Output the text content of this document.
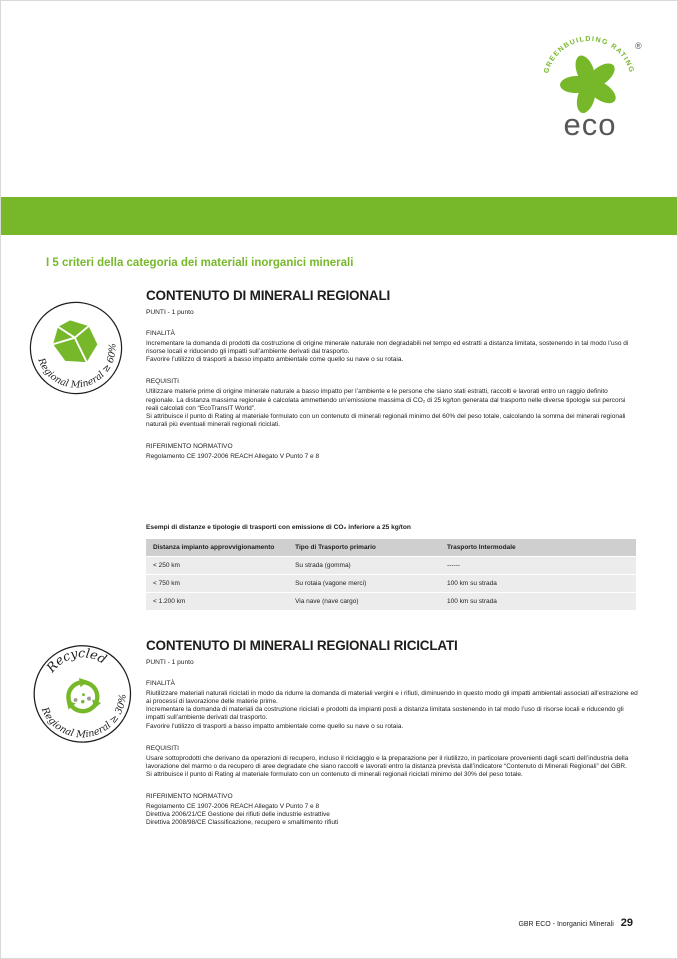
GREENBUILDING RATING
®
eco
I 5 criteri della categoria dei materiali inorganici minerali
Regional Mineral ≥ 60%
CONTENUTO DI MINERALI REGIONALI
PUNTI - 1 punto
FINALITÀ

Incrementare la domanda di prodotti da costruzione di origine minerale naturale non degradabili nel tempo ed estratti a distanza limitata, sostenendo in tal modo l’uso di risorse locali e riducendo gli impatti sull’ambiente derivati dal trasporto.

Favorire l’utilizzo di trasporti a basso impatto ambientale come quello su nave o su rotaia.

REQUISITI

Utilizzare materie prime di origine minerale naturale a basso impatto per l’ambiente e le persone che siano stati estratti, raccolti e lavorati entro un raggio definito regionale. La distanza massima regionale è calcolata ammettendo un’emissione massima di CO₂ di 25 kg/ton generata dal trasporto nelle diverse tipologie sui percorsi reali calcolati con “EcoTransIT World”.

Si attribuisce il punto di Rating al materiale formulato con un contenuto di minerali regionali minimo del 60% del peso totale, calcolando la somma dei minerali regionali naturali più eventuali minerali regionali riciclati.

RIFERIMENTO NORMATIVO

Regolamento CE 1907-2006 REACH Allegato V Punto 7 e 8

Esempi di distanze e tipologie di trasporti con emissione di CO₂ inferiore a 25 kg/ton
Distanza impianto approvvigionamento	Tipo di Trasporto primario	Trasporto Intermodale
< 250 km	Su strada (gomma)	------
< 750 km	Su rotaia (vagone merci)	100 km su strada
< 1.200 km	Via nave (nave cargo)	100 km su strada
Recycled
Regional Mineral ≥ 30%
CONTENUTO DI MINERALI REGIONALI RICICLATI
PUNTI - 1 punto
FINALITÀ

Riutilizzare materiali naturali riciclati in modo da ridurre la domanda di materiali vergini e i rifiuti, diminuendo in questo modo gli impatti ambientali associati all’estrazione ed ai processi di lavorazione delle materie prime.

Incrementare la domanda di materiali da costruzione riciclati e prodotti da impianti posti a distanza limitata sostenendo in tal modo l’uso di risorse locali e riducendo gli impatti sull’ambiente derivati dal trasporto.

Favorire l’utilizzo di trasporti a basso impatto ambientale come quello su nave o su rotaia.

REQUISITI

Usare sottoprodotti che derivano da operazioni di recupero, incluso il riciclaggio e la preparazione per il riutilizzo, in particolare provenienti dagli scarti dell’industria della lavorazione del marmo o da recupero di aree degradate che siano raccolti e lavorati entro la distanza prevista dall’indicatore “Contenuto di Minerali Regionali” del GBR.

Si attribuisce il punto di Rating al materiale formulato con un contenuto di minerali regionali riciclati minimo del 30% del peso totale.

RIFERIMENTO NORMATIVO

Regolamento CE 1907-2006 REACH Allegato V Punto 7 e 8

Direttiva 2006/21/CE Gestione dei rifiuti delle industrie estrattive

Direttiva 2008/98/CE Classificazione, recupero e smaltimento rifiuti

GBR ECO - Inorganici Minerali 29
